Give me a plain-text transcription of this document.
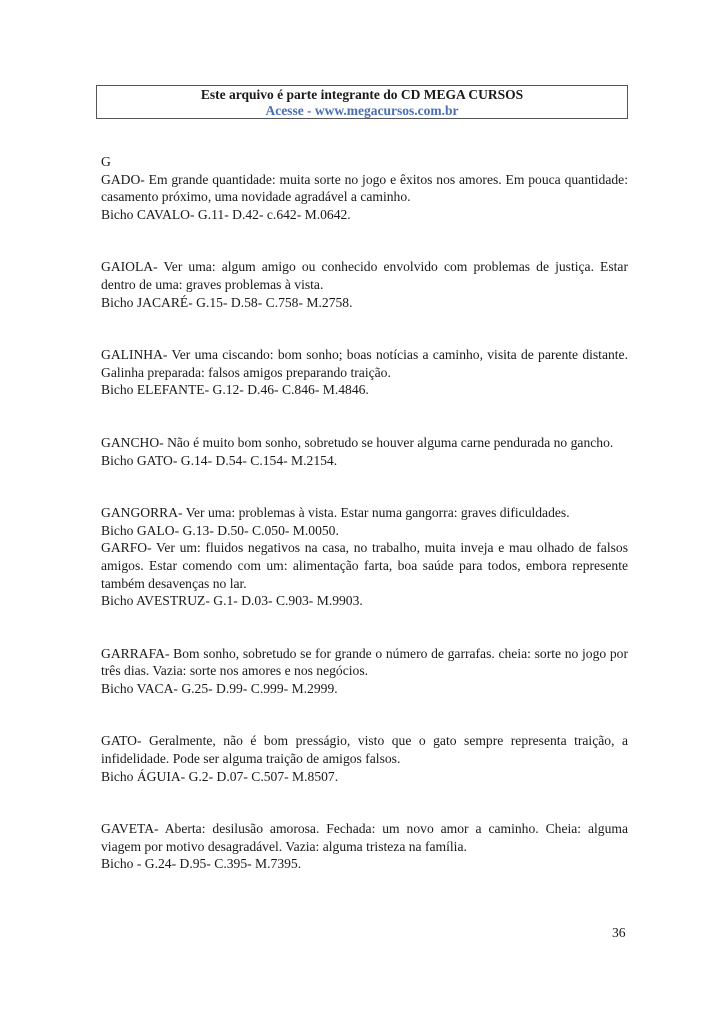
Este arquivo é parte integrante do CD MEGA CURSOS
Acesse - www.megacursos.com.br

G

GADO- Em grande quantidade: muita sorte no jogo e êxitos nos amores. Em pouca quantidade: casamento próximo, uma novidade agradável a caminho.

Bicho CAVALO- G.11- D.42- c.642- M.0642.

GAIOLA- Ver uma: algum amigo ou conhecido envolvido com problemas de justiça. Estar dentro de uma: graves problemas à vista.

Bicho JACARÉ- G.15- D.58- C.758- M.2758.

GALINHA- Ver uma ciscando: bom sonho; boas notícias a caminho, visita de parente distante. Galinha preparada: falsos amigos preparando traição.

Bicho ELEFANTE- G.12- D.46- C.846- M.4846.

GANCHO- Não é muito bom sonho, sobretudo se houver alguma carne pendurada no gancho.

Bicho GATO- G.14- D.54- C.154- M.2154.

GANGORRA- Ver uma: problemas à vista. Estar numa gangorra: graves dificuldades.

Bicho GALO- G.13- D.50- C.050- M.0050.

GARFO- Ver um: fluidos negativos na casa, no trabalho, muita inveja e mau olhado de falsos amigos. Estar comendo com um: alimentação farta, boa saúde para todos, embora represente também desavenças no lar.

Bicho AVESTRUZ- G.1- D.03- C.903- M.9903.

GARRAFA- Bom sonho, sobretudo se for grande o número de garrafas. cheia: sorte no jogo por três dias. Vazia: sorte nos amores e nos negócios.

Bicho VACA- G.25- D.99- C.999- M.2999.

GATO- Geralmente, não é bom presságio, visto que o gato sempre representa traição, a infidelidade. Pode ser alguma traição de amigos falsos.

Bicho ÁGUIA- G.2- D.07- C.507- M.8507.

GAVETA- Aberta: desilusão amorosa. Fechada: um novo amor a caminho. Cheia: alguma viagem por motivo desagradável. Vazia: alguma tristeza na família.

Bicho - G.24- D.95- C.395- M.7395.

36
